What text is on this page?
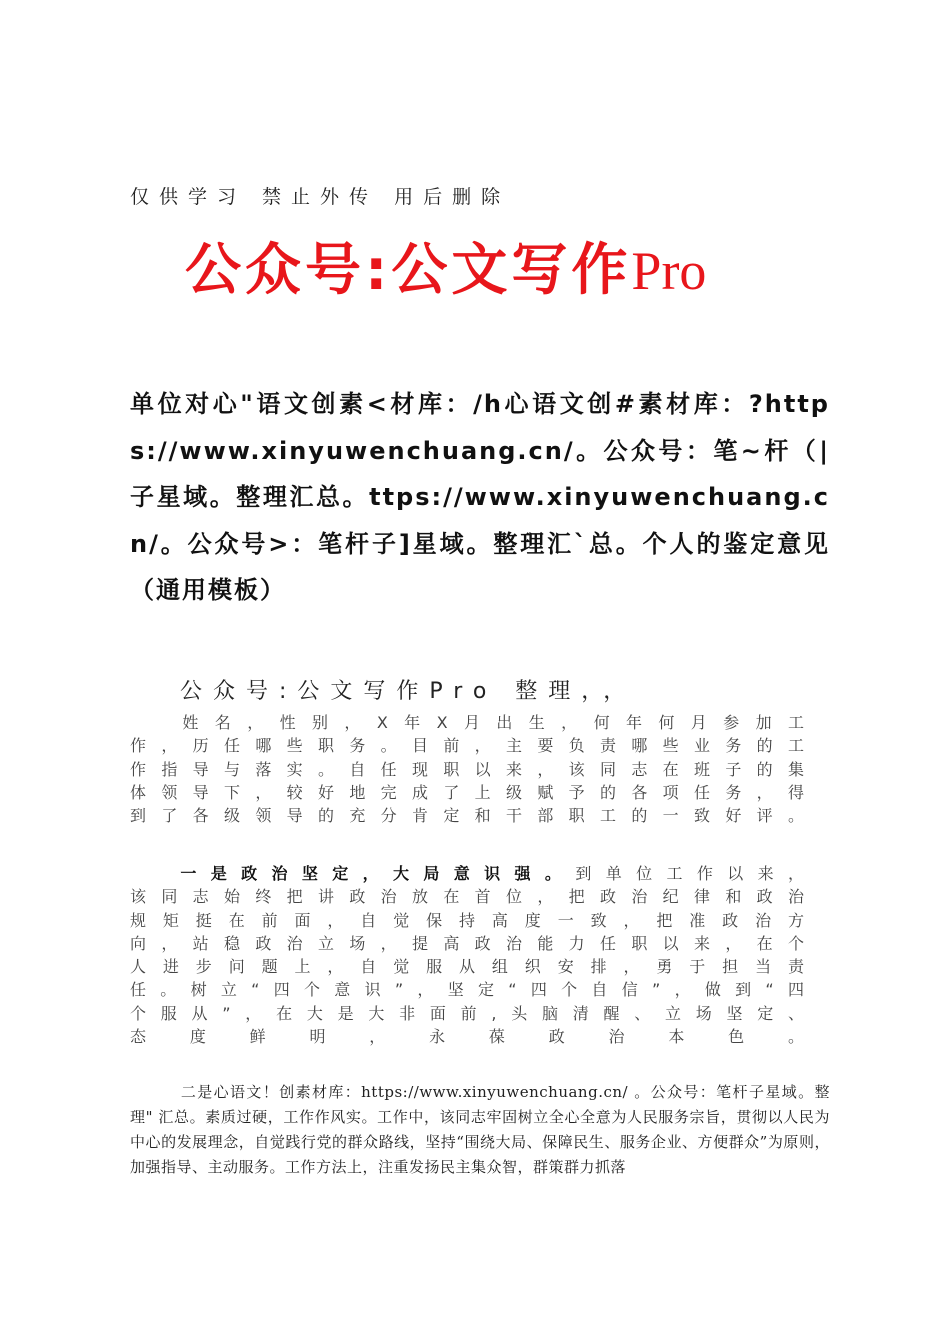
仅供学习 禁止外传 用后删除
公众号:公文写作Pro
单位对心"语文创素<材库：/h心语文创#素材库：?https://www.xinyuwenchuang.cn/。公众号：笔~杆（|子星域。整理汇总。ttps://www.xinyuwenchuang.cn/。公众号>：笔杆子]星域。整理汇`总。个人的鉴定意见（通用模板）
公众号:公文写作Pro 整理，，
姓名，性别，X年X月出生，何年何月参加工作，历任哪些职务。目前，主要负责哪些业务的工作指导与落实。自任现职以来，该同志在班子的集体领导下，较好地完成了上级赋予的各项任务，得到了各级领导的充分肯定和干部职工的一致好评。
一是政治坚定，大局意识强。到单位工作以来，该同志始终把讲政治放在首位，把政治纪律和政治规矩挺在前面，自觉保持高度一致，把准政治方向，站稳政治立场，提高政治能力任职以来，在个人进步问题上，自觉服从组织安排，勇于担当责任。树立“四个意识”，坚定“四个自信”，做到“四个服从”，在大是大非面前,头脑清醒、立场坚定、态度鲜明，永葆政治本色。
二是心语文！创素材库：https://www.xinyuwenchuang.cn/ 。公众号：笔杆子星域。整理" 汇总。素质过硬，工作作风实。工作中，该同志牢固树立全心全意为人民服务宗旨，贯彻以人民为中心的发展理念，自觉践行党的群众路线，坚持“围绕大局、保障民生、服务企业、方便群众”为原则，加强指导、主动服务。工作方法上，注重发扬民主集众智，群策群力抓落
